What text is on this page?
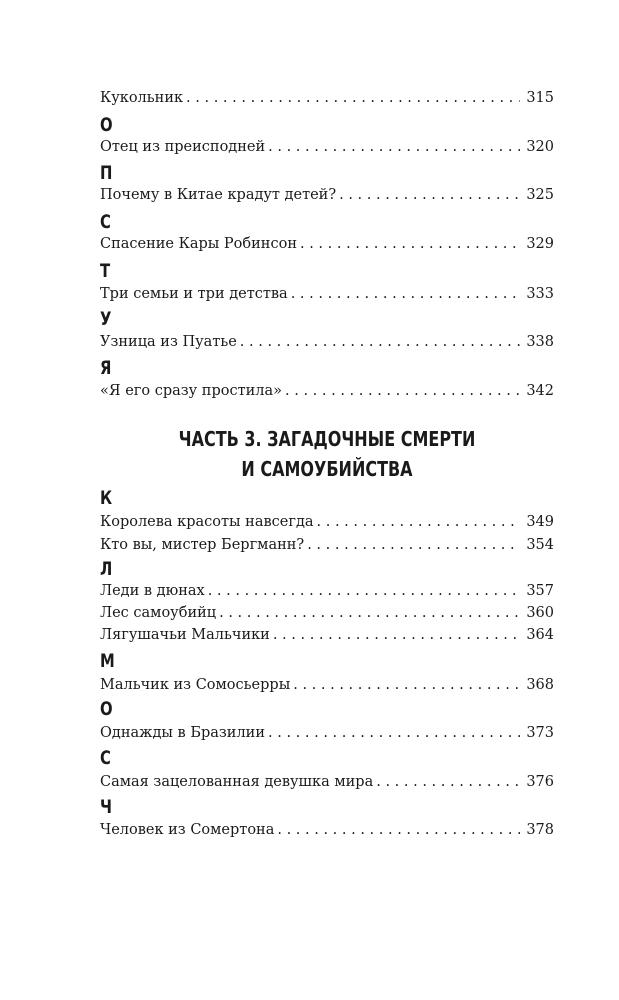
Кукольник . . .	315
О
Отец из преисподней . . .	320
П
Почему в Китае крадут детей? . . .	325
С
Спасение Кары Робинсон . . .	329
Т
Три семьи и три детства . . .	333
У
Узница из Пуатье . . .	338
Я
«Я его сразу простила» . . .	342
ЧАСТЬ 3. ЗАГАДОЧНЫЕ СМЕРТИ
И САМОУБИЙСТВА
К
Королева красоты навсегда . . .	349
Кто вы, мистер Бергманн? . . .	354
Л
Леди в дюнах . . .	357
Лес самоубийц . . .	360
Лягушачьи Мальчики . . .	364
М
Мальчик из Сомосьерры . . .	368
О
Однажды в Бразилии . . .	373
С
Самая зацелованная девушка мира . . .	376
Ч
Человек из Сомертона . . .	378
